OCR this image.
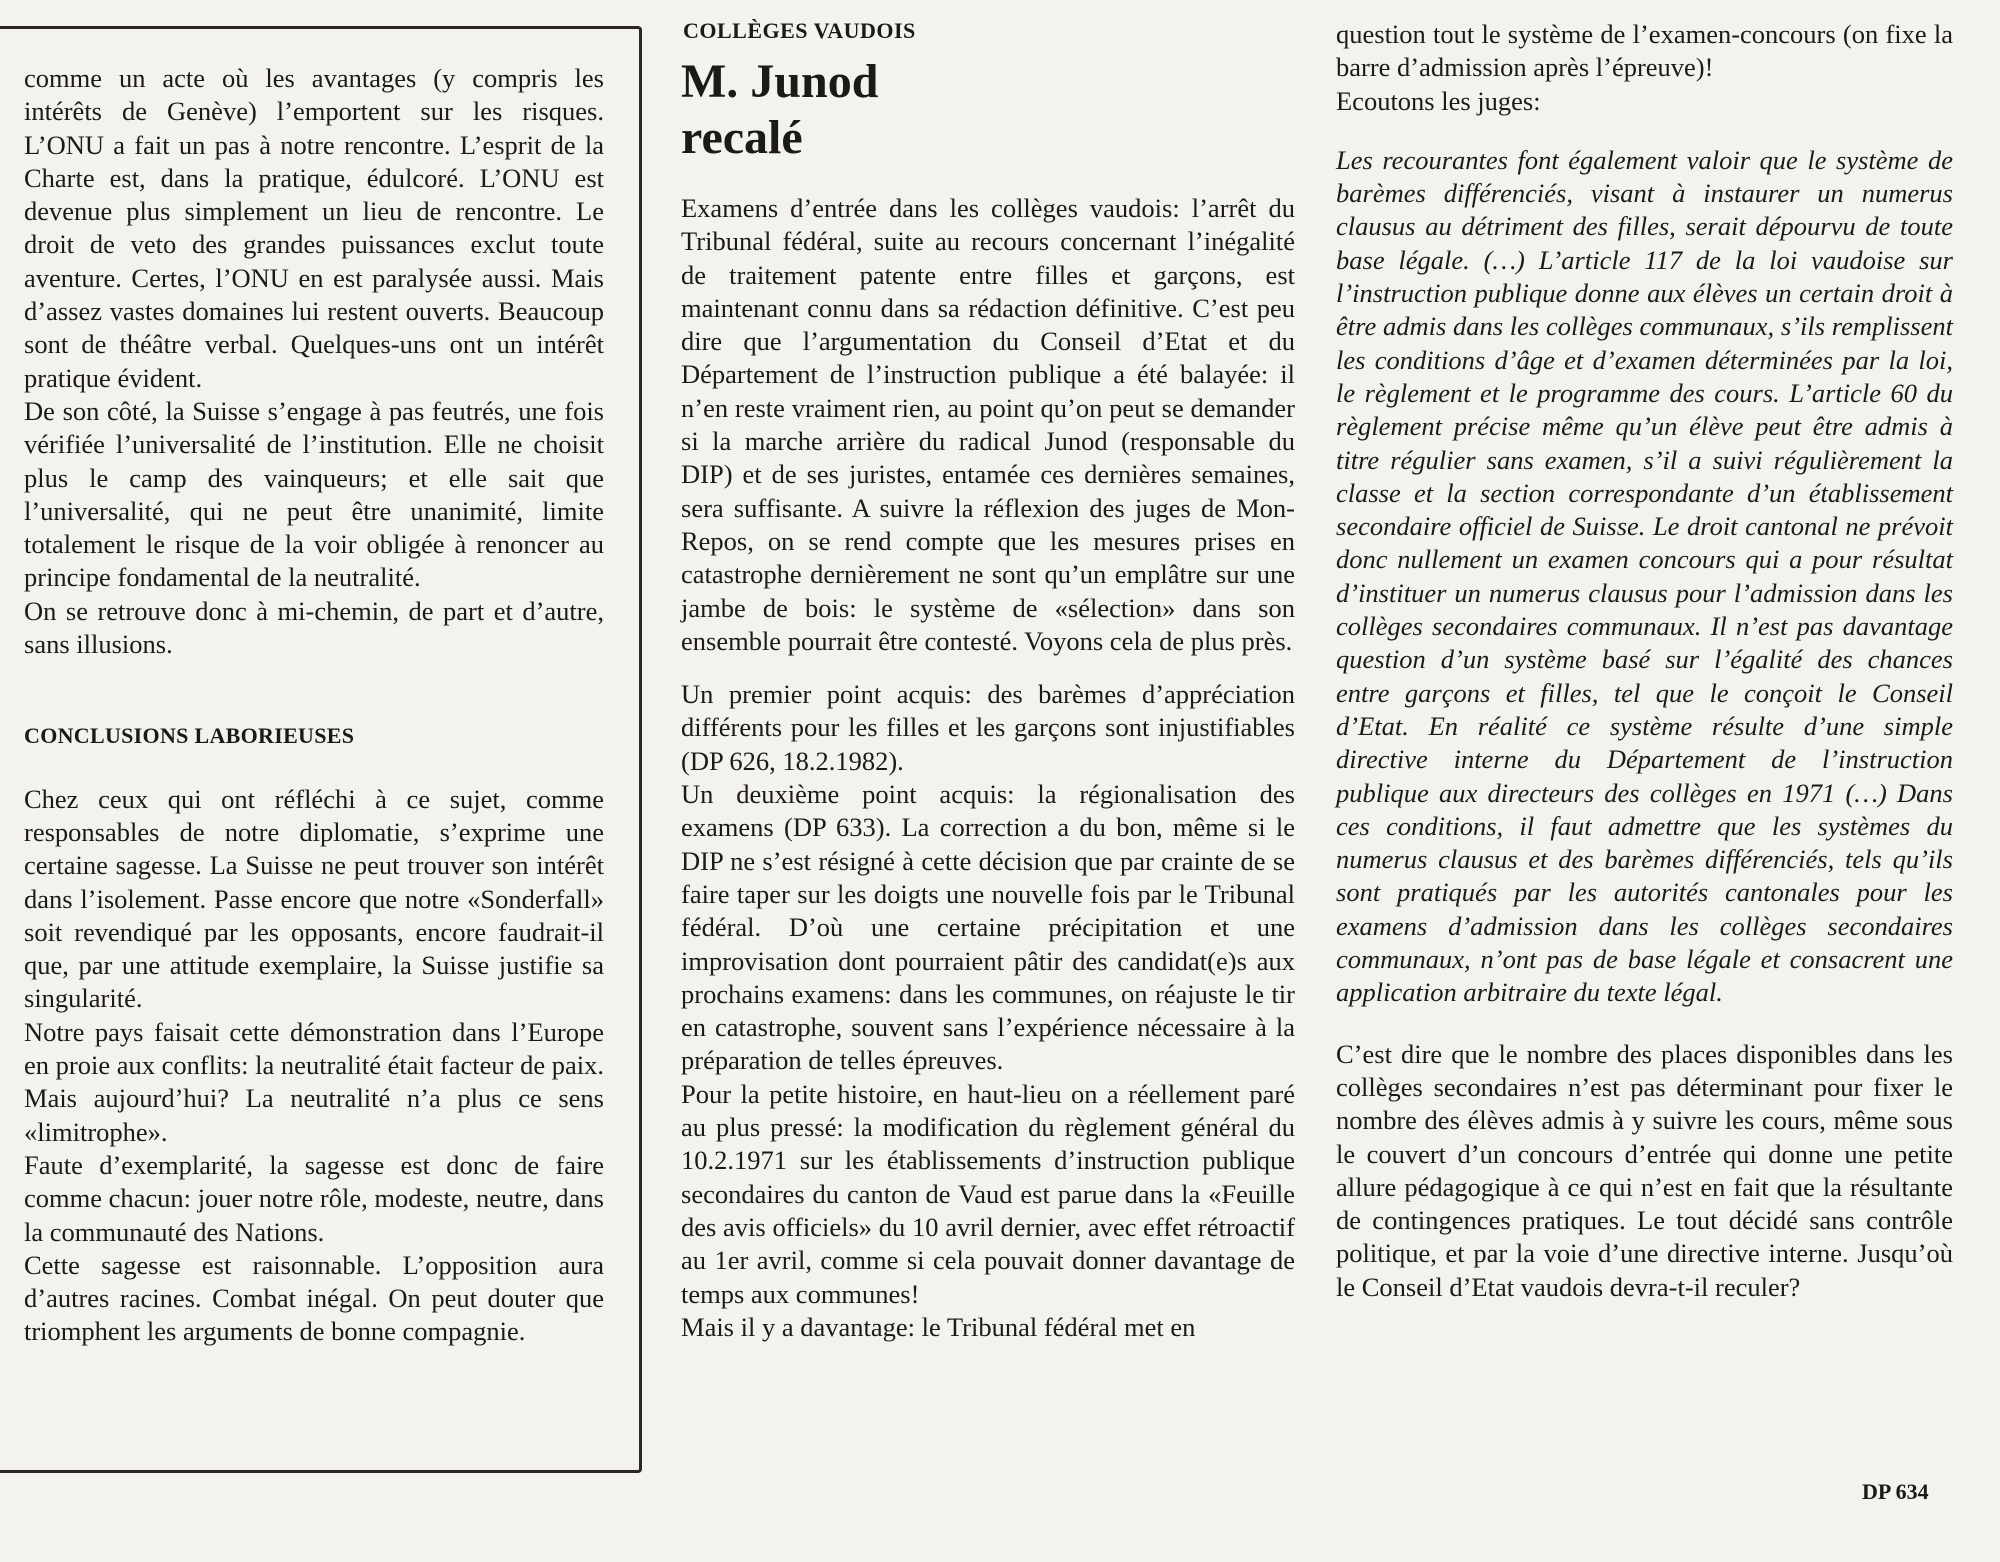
comme un acte où les avantages (y compris les intérêts de Genève) l’emportent sur les risques. L’ONU a fait un pas à notre rencontre. L’esprit de la Charte est, dans la pratique, édulcoré. L’ONU est devenue plus simplement un lieu de rencontre. Le droit de veto des grandes puissances exclut toute aventure. Certes, l’ONU en est paralysée aussi. Mais d’assez vastes domaines lui restent ouverts. Beaucoup sont de théâtre verbal. Quelques-uns ont un intérêt pratique évident.

De son côté, la Suisse s’engage à pas feutrés, une fois vérifiée l’universalité de l’institution. Elle ne choisit plus le camp des vainqueurs; et elle sait que l’universalité, qui ne peut être unanimité, limite totalement le risque de la voir obligée à renoncer au principe fondamental de la neutralité.

On se retrouve donc à mi-chemin, de part et d’autre, sans illusions.

CONCLUSIONS LABORIEUSES

Chez ceux qui ont réfléchi à ce sujet, comme responsables de notre diplomatie, s’exprime une certaine sagesse. La Suisse ne peut trouver son intérêt dans l’isolement. Passe encore que notre «Sonderfall» soit revendiqué par les opposants, encore faudrait-il que, par une attitude exemplaire, la Suisse justifie sa singularité.

Notre pays faisait cette démonstration dans l’Europe en proie aux conflits: la neutralité était facteur de paix. Mais aujourd’hui? La neutralité n’a plus ce sens «limitrophe».

Faute d’exemplarité, la sagesse est donc de faire comme chacun: jouer notre rôle, modeste, neutre, dans la communauté des Nations.

Cette sagesse est raisonnable. L’opposition aura d’autres racines. Combat inégal. On peut douter que triomphent les arguments de bonne compagnie.

COLLÈGES VAUDOIS
M. Junod
recalé

Examens d’entrée dans les collèges vaudois: l’arrêt du Tribunal fédéral, suite au recours concernant l’inégalité de traitement patente entre filles et garçons, est maintenant connu dans sa rédaction définitive. C’est peu dire que l’argumentation du Conseil d’Etat et du Département de l’instruction publique a été balayée: il n’en reste vraiment rien, au point qu’on peut se demander si la marche arrière du radical Junod (responsable du DIP) et de ses juristes, entamée ces dernières semaines, sera suffisante. A suivre la réflexion des juges de Mon-Repos, on se rend compte que les mesures prises en catastrophe dernièrement ne sont qu’un emplâtre sur une jambe de bois: le système de «sélection» dans son ensemble pourrait être contesté. Voyons cela de plus près.

Un premier point acquis: des barèmes d’appréciation différents pour les filles et les garçons sont injustifiables (DP 626, 18.2.1982).

Un deuxième point acquis: la régionalisation des examens (DP 633). La correction a du bon, même si le DIP ne s’est résigné à cette décision que par crainte de se faire taper sur les doigts une nouvelle fois par le Tribunal fédéral. D’où une certaine précipitation et une improvisation dont pourraient pâtir des candidat(e)s aux prochains examens: dans les communes, on réajuste le tir en catastrophe, souvent sans l’expérience nécessaire à la préparation de telles épreuves.

Pour la petite histoire, en haut-lieu on a réellement paré au plus pressé: la modification du règlement général du 10.2.1971 sur les établissements d’instruction publique secondaires du canton de Vaud est parue dans la «Feuille des avis officiels» du 10 avril dernier, avec effet rétroactif au 1er avril, comme si cela pouvait donner davantage de temps aux communes!

Mais il y a davantage: le Tribunal fédéral met en

question tout le système de l’examen-concours (on fixe la barre d’admission après l’épreuve)!

Ecoutons les juges:

Les recourantes font également valoir que le système de barèmes différenciés, visant à instaurer un numerus clausus au détriment des filles, serait dépourvu de toute base légale. (…) L’article 117 de la loi vaudoise sur l’instruction publique donne aux élèves un certain droit à être admis dans les collèges communaux, s’ils remplissent les conditions d’âge et d’examen déterminées par la loi, le règlement et le programme des cours. L’article 60 du règlement précise même qu’un élève peut être admis à titre régulier sans examen, s’il a suivi régulièrement la classe et la section correspondante d’un établissement secondaire officiel de Suisse. Le droit cantonal ne prévoit donc nullement un examen concours qui a pour résultat d’instituer un numerus clausus pour l’admission dans les collèges secondaires communaux. Il n’est pas davantage question d’un système basé sur l’égalité des chances entre garçons et filles, tel que le conçoit le Conseil d’Etat. En réalité ce système résulte d’une simple directive interne du Département de l’instruction publique aux directeurs des collèges en 1971 (…) Dans ces conditions, il faut admettre que les systèmes du numerus clausus et des barèmes différenciés, tels qu’ils sont pratiqués par les autorités cantonales pour les examens d’admission dans les collèges secondaires communaux, n’ont pas de base légale et consacrent une application arbitraire du texte légal.

C’est dire que le nombre des places disponibles dans les collèges secondaires n’est pas déterminant pour fixer le nombre des élèves admis à y suivre les cours, même sous le couvert d’un concours d’entrée qui donne une petite allure pédagogique à ce qui n’est en fait que la résultante de contingences pratiques. Le tout décidé sans contrôle politique, et par la voie d’une directive interne. Jusqu’où le Conseil d’Etat vaudois devra-t-il reculer?

DP 634
